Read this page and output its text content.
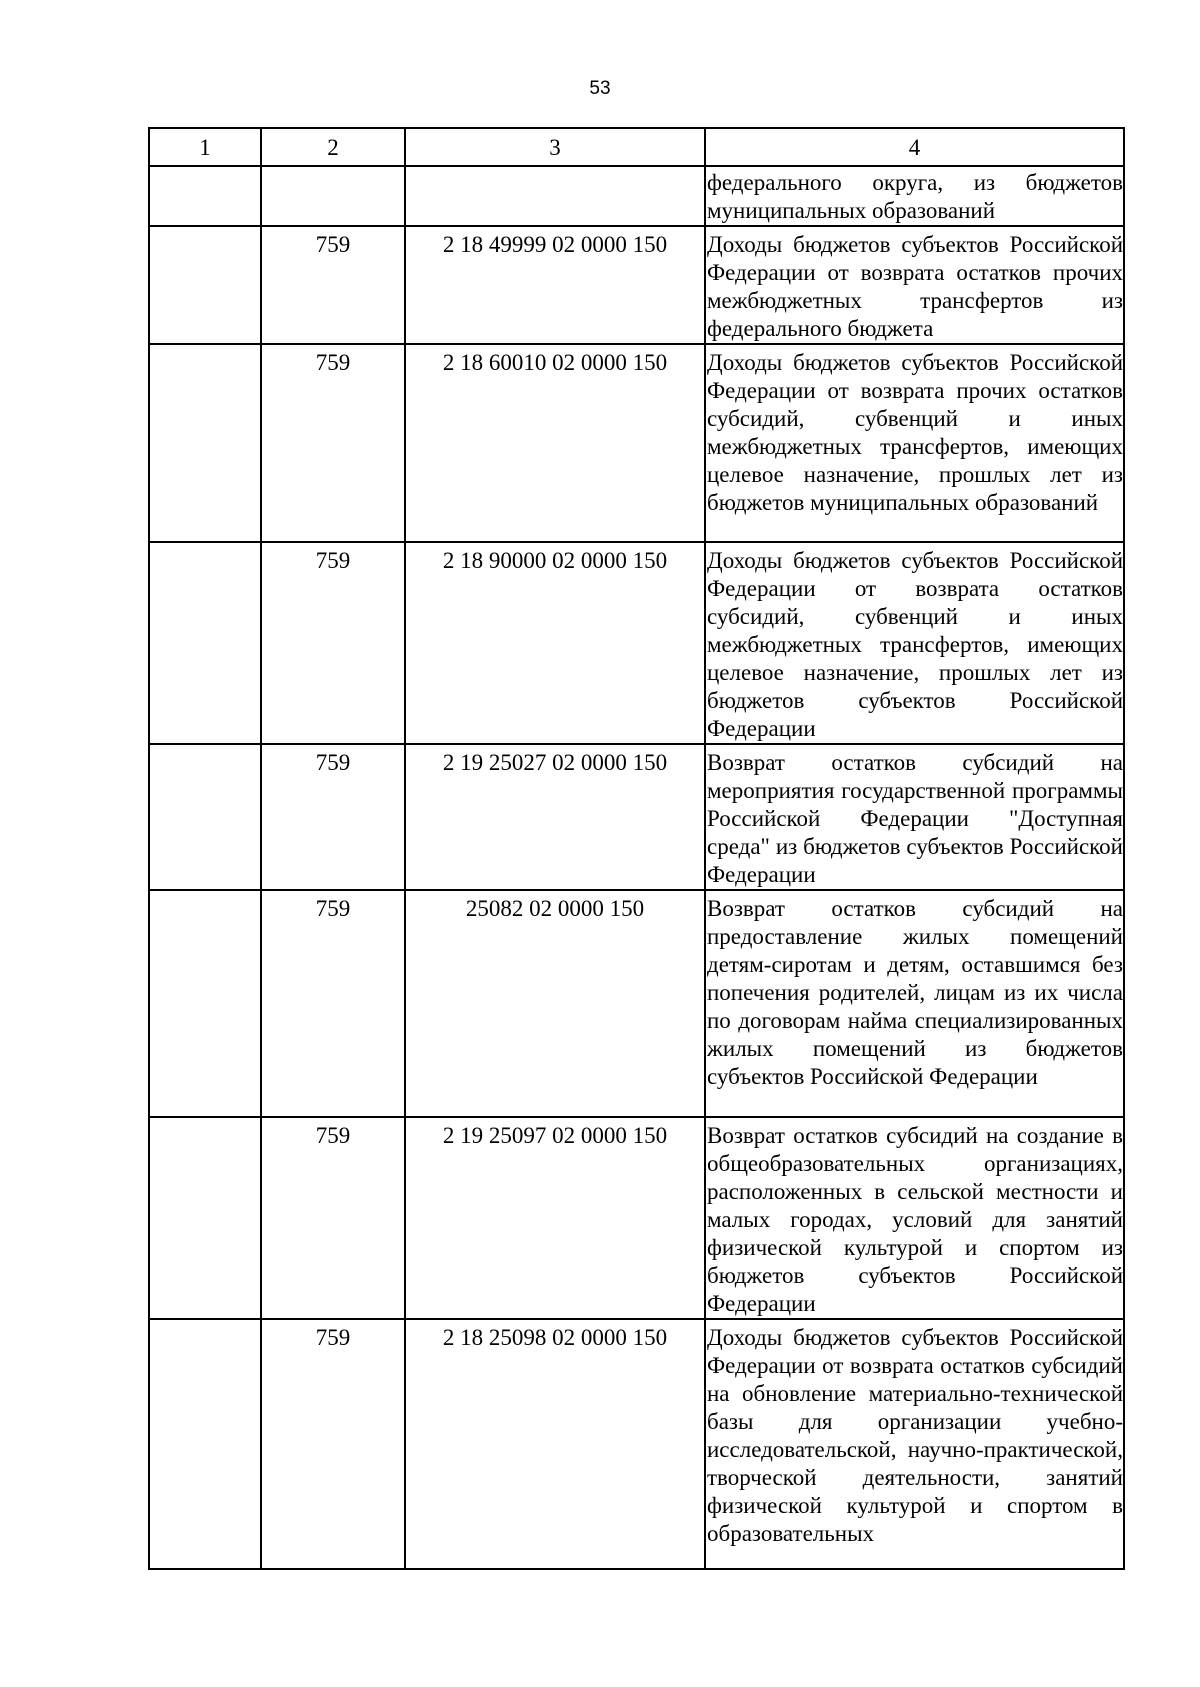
53
1	2	3	4
			федерального округа, из бюджетов муниципальных образований
	759	2 18 49999 02 0000 150	Доходы бюджетов субъектов Российской Федерации от возврата остатков прочих межбюджетных трансфертов из федерального бюджета
	759	2 18 60010 02 0000 150	Доходы бюджетов субъектов Российской Федерации от возврата прочих остатков субсидий, субвенций и иных межбюджетных трансфертов, имеющих целевое назначение, прошлых лет из бюджетов муниципальных образований
	759	2 18 90000 02 0000 150	Доходы бюджетов субъектов Российской Федерации от возврата остатков субсидий, субвенций и иных межбюджетных трансфертов, имеющих целевое назначение, прошлых лет из бюджетов субъектов Российской Федерации
	759	2 19 25027 02 0000 150	Возврат остатков субсидий на мероприятия государственной программы Российской Федерации "Доступная среда" из бюджетов субъектов Российской Федерации
	759	25082 02 0000 150	Возврат остатков субсидий на предоставление жилых помещений детям-сиротам и детям, оставшимся без попечения родителей, лицам из их числа по договорам найма специализированных жилых помещений из бюджетов субъектов Российской Федерации
	759	2 19 25097 02 0000 150	Возврат остатков субсидий на создание в общеобразовательных организациях, расположенных в сельской местности и малых городах, условий для занятий физической культурой и спортом из бюджетов субъектов Российской Федерации
	759	2 18 25098 02 0000 150	Доходы бюджетов субъектов Российской Федерации от возврата остатков субсидий на обновление материально-технической базы для организации учебно-исследовательской, научно-практической, творческой деятельности, занятий физической культурой и спортом в образовательных
